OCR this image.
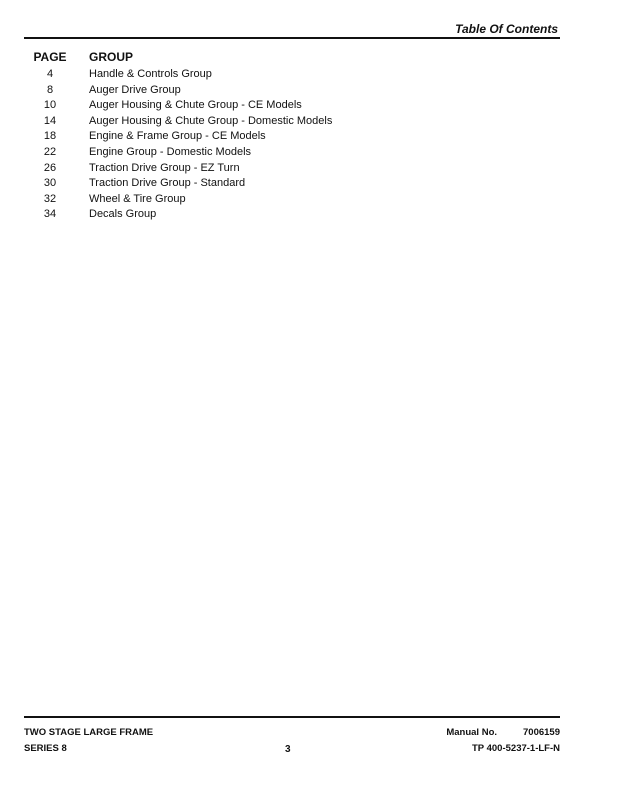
Table Of Contents
PAGE	GROUP
4	Handle & Controls Group
8	Auger Drive Group
10	Auger Housing & Chute Group - CE Models
14	Auger Housing & Chute Group - Domestic Models
18	Engine & Frame Group - CE Models
22	Engine Group - Domestic Models
26	Traction Drive Group - EZ Turn
30	Traction Drive Group - Standard
32	Wheel & Tire Group
34	Decals Group
TWO STAGE LARGE FRAME
SERIES 8	3
Manual No.	7006159
TP 400-5237-1-LF-N
